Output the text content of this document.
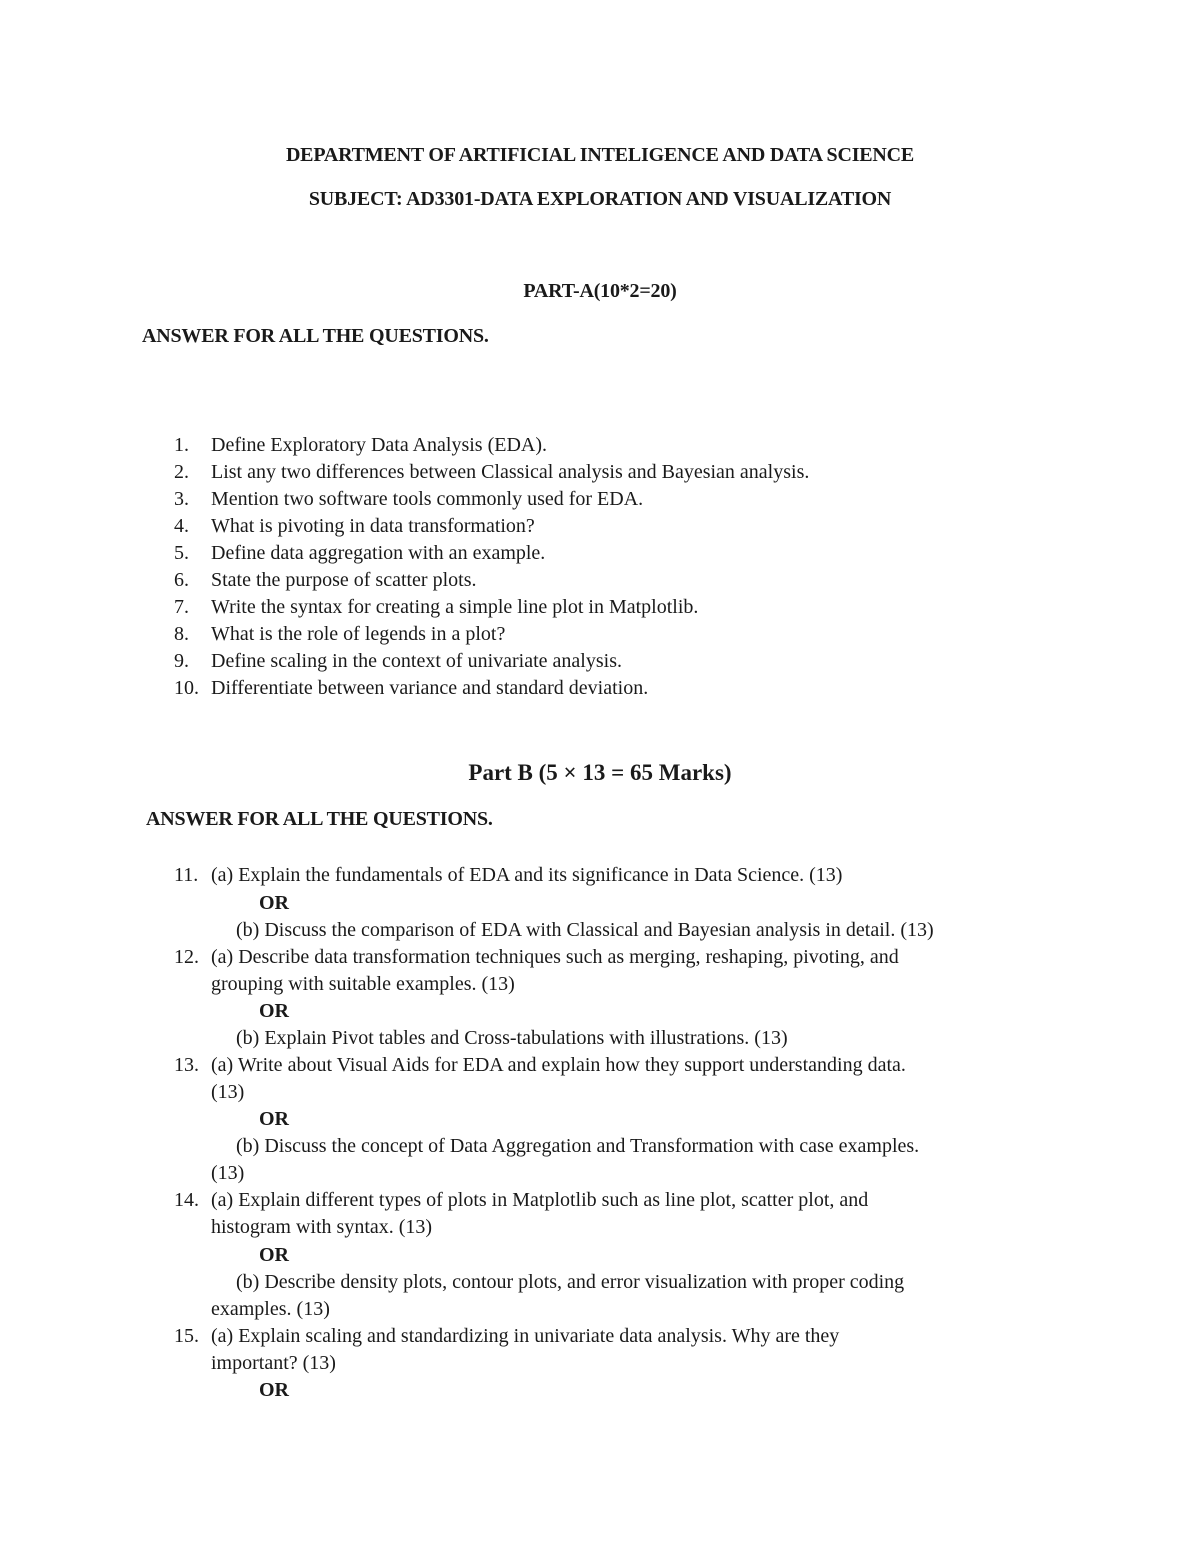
DEPARTMENT OF ARTIFICIAL INTELIGENCE AND DATA SCIENCE
SUBJECT: AD3301-DATA EXPLORATION AND VISUALIZATION
PART-A(10*2=20)
ANSWER FOR ALL THE QUESTIONS.
1. Define Exploratory Data Analysis (EDA).
2. List any two differences between Classical analysis and Bayesian analysis.
3. Mention two software tools commonly used for EDA.
4. What is pivoting in data transformation?
5. Define data aggregation with an example.
6. State the purpose of scatter plots.
7. Write the syntax for creating a simple line plot in Matplotlib.
8. What is the role of legends in a plot?
9. Define scaling in the context of univariate analysis.
10. Differentiate between variance and standard deviation.
Part B (5 × 13 = 65 Marks)
ANSWER FOR ALL THE QUESTIONS.
11. (a) Explain the fundamentals of EDA and its significance in Data Science. (13)
OR
(b) Discuss the comparison of EDA with Classical and Bayesian analysis in detail. (13)
12. (a) Describe data transformation techniques such as merging, reshaping, pivoting, and
grouping with suitable examples. (13)
OR
(b) Explain Pivot tables and Cross-tabulations with illustrations. (13)
13. (a) Write about Visual Aids for EDA and explain how they support understanding data.
(13)
OR
(b) Discuss the concept of Data Aggregation and Transformation with case examples.
(13)
14. (a) Explain different types of plots in Matplotlib such as line plot, scatter plot, and
histogram with syntax. (13)
OR
(b) Describe density plots, contour plots, and error visualization with proper coding
examples. (13)
15. (a) Explain scaling and standardizing in univariate data analysis. Why are they
important? (13)
OR
